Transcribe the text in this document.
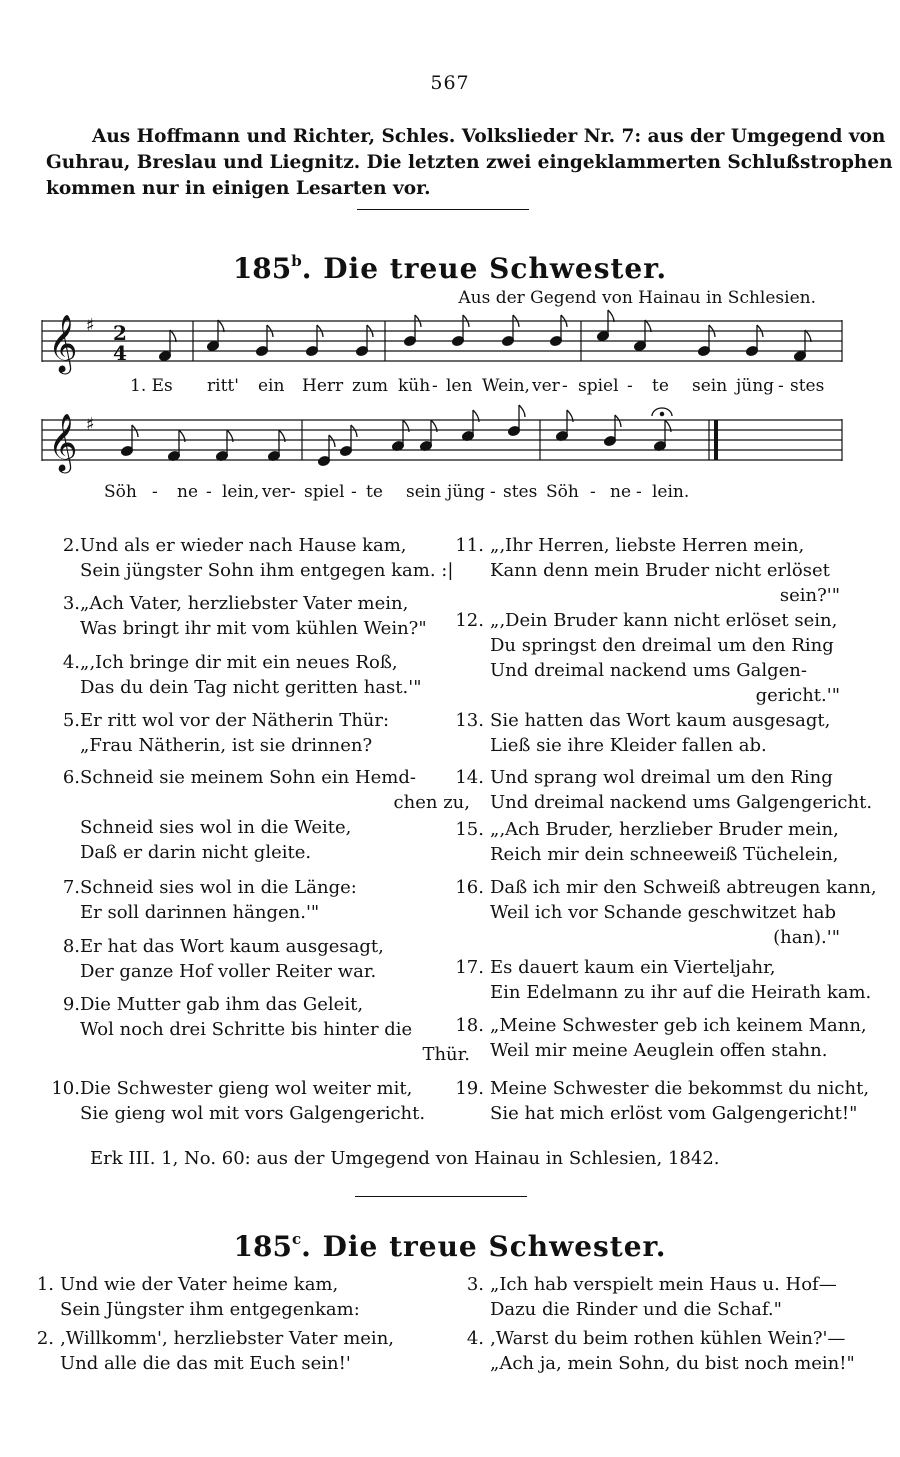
567
Aus Hoffmann und Richter, Schles. Volkslieder Nr. 7: aus der Umgegend von
Guhrau, Breslau und Liegnitz. Die letzten zwei eingeklammerten Schlußstrophen
kommen nur in einigen Lesarten vor.
185$^b$. Die treue Schwester.
Aus der Gegend von Hainau in Schlesien.
𝄞
𝄞
♯
♯
2
4
1. Es ritt' ein Herr zum küh - len Wein, ver - spiel - te sein jüng - stes
Söh - ne - lein, ver - spiel - te sein jüng - stes Söh - ne - lein.
2. Und als er wieder nach Hause kam,
Sein jüngster Sohn ihm entgegen kam. :|
3. „Ach Vater, herzliebster Vater mein,
Was bringt ihr mit vom kühlen Wein?"
4. „‚Ich bringe dir mit ein neues Roß,
Das du dein Tag nicht geritten hast.'"
5. Er ritt wol vor der Nätherin Thür:
„Frau Nätherin, ist sie drinnen?
6. Schneid sie meinem Sohn ein Hemd-
chen zu,
Schneid sies wol in die Weite,
Daß er darin nicht gleite.
7. Schneid sies wol in die Länge:
Er soll darinnen hängen.'"
8. Er hat das Wort kaum ausgesagt,
Der ganze Hof voller Reiter war.
9. Die Mutter gab ihm das Geleit,
Wol noch drei Schritte bis hinter die
Thür.
10. Die Schwester gieng wol weiter mit,
Sie gieng wol mit vors Galgengericht.
11. „‚Ihr Herren, liebste Herren mein,
Kann denn mein Bruder nicht erlöset
sein?'"
12. „‚Dein Bruder kann nicht erlöset sein,
Du springst den dreimal um den Ring
Und dreimal nackend ums Galgen-
gericht.'"
13. Sie hatten das Wort kaum ausgesagt,
Ließ sie ihre Kleider fallen ab.
14. Und sprang wol dreimal um den Ring
Und dreimal nackend ums Galgengericht.
15. „‚Ach Bruder, herzlieber Bruder mein,
Reich mir dein schneeweiß Tüchelein,
16. Daß ich mir den Schweiß abtreugen kann,
Weil ich vor Schande geschwitzet hab
(han).'"
17. Es dauert kaum ein Vierteljahr,
Ein Edelmann zu ihr auf die Heirath kam.
18. „Meine Schwester geb ich keinem Mann,
Weil mir meine Aeuglein offen stahn.
19. Meine Schwester die bekommst du nicht,
Sie hat mich erlöst vom Galgengericht!"
Erk III. 1, No. 60: aus der Umgegend von Hainau in Schlesien, 1842.
185$^c$. Die treue Schwester.
1. Und wie der Vater heime kam,
Sein Jüngster ihm entgegenkam:
2. ‚Willkomm', herzliebster Vater mein,
Und alle die das mit Euch sein!'
3. „Ich hab verspielt mein Haus u. Hof—
Dazu die Rinder und die Schaf."
4. ‚Warst du beim rothen kühlen Wein?'—
„Ach ja, mein Sohn, du bist noch mein!"
